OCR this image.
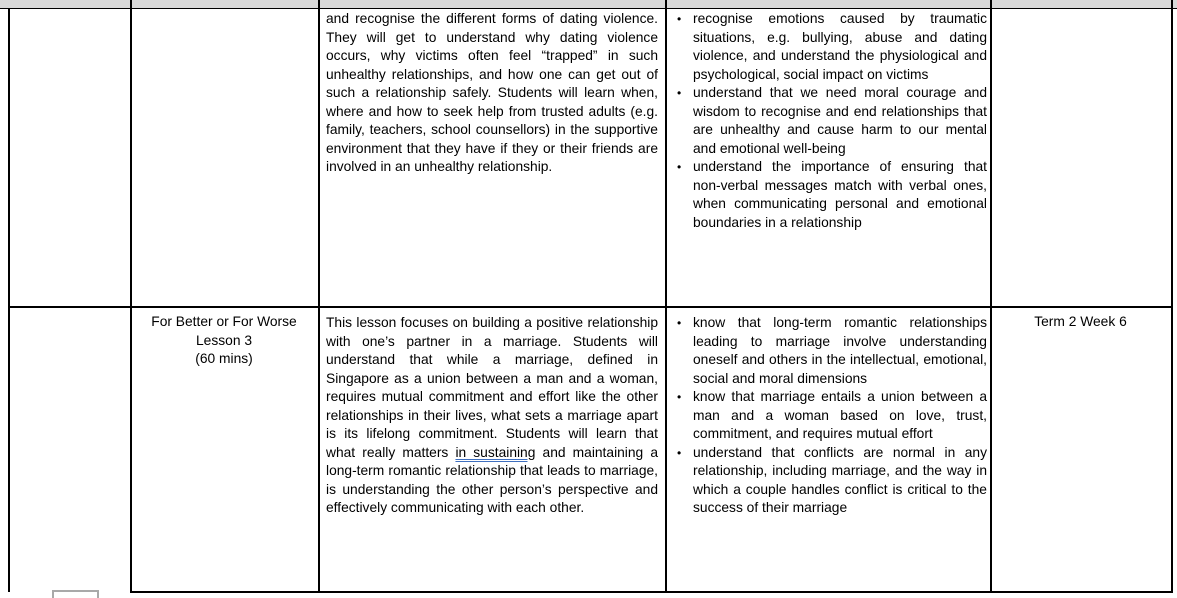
and recognise the different forms of dating violence. They will get to understand why dating violence occurs, why victims often feel “trapped” in such unhealthy relationships, and how one can get out of such a relationship safely. Students will learn when, where and how to seek help from trusted adults (e.g. family, teachers, school counsellors) in the supportive environment that they have if they or their friends are involved in an unhealthy relationship.

• recognise emotions caused by traumatic situations, e.g. bullying, abuse and dating violence, and understand the physiological and psychological, social impact on victims
• understand that we need moral courage and wisdom to recognise and end relationships that are unhealthy and cause harm to our mental and emotional well-being
• understand the importance of ensuring that non-verbal messages match with verbal ones, when communicating personal and emotional boundaries in a relationship
For Better or For Worse
Lesson 3
(60 mins)

This lesson focuses on building a positive relationship with one’s partner in a marriage. Students will understand that while a marriage, defined in Singapore as a union between a man and a woman, requires mutual commitment and effort like the other relationships in their lives, what sets a marriage apart is its lifelong commitment. Students will learn that what really matters in sustaining and maintaining a long-term romantic relationship that leads to marriage, is understanding the other person’s perspective and effectively communicating with each other.

• know that long-term romantic relationships leading to marriage involve understanding oneself and others in the intellectual, emotional, social and moral dimensions
• know that marriage entails a union between a man and a woman based on love, trust, commitment, and requires mutual effort
• understand that conflicts are normal in any relationship, including marriage, and the way in which a couple handles conflict is critical to the success of their marriage
Term 2 Week 6
